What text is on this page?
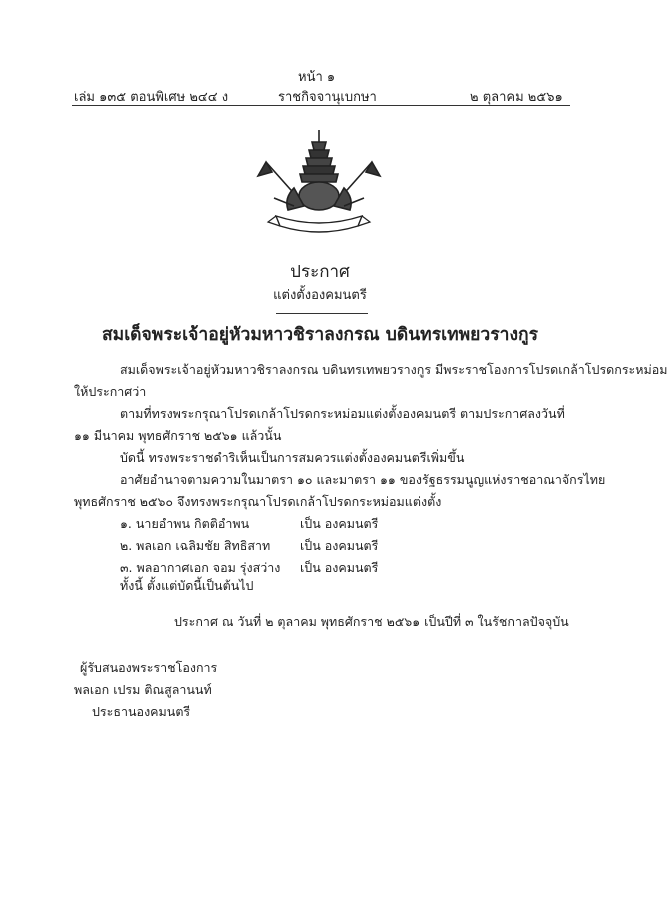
หน้า ๑
เล่ม ๑๓๕ ตอนพิเศษ ๒๔๔ ง	ราชกิจจานุเบกษา	๒ ตุลาคม ๒๕๖๑
ประกาศ
แต่งตั้งองคมนตรี
สมเด็จพระเจ้าอยู่หัวมหาวชิราลงกรณ บดินทรเทพยวรางกูร
สมเด็จพระเจ้าอยู่หัวมหาวชิราลงกรณ บดินทรเทพยวรางกูร มีพระราชโองการโปรดเกล้าโปรดกระหม่อม
ให้ประกาศว่า
ตามที่ทรงพระกรุณาโปรดเกล้าโปรดกระหม่อมแต่งตั้งองคมนตรี ตามประกาศลงวันที่
๑๑ มีนาคม พุทธศักราช ๒๕๖๑ แล้วนั้น
บัดนี้ ทรงพระราชดำริเห็นเป็นการสมควรแต่งตั้งองคมนตรีเพิ่มขึ้น
อาศัยอำนาจตามความในมาตรา ๑๐ และมาตรา ๑๑ ของรัฐธรรมนูญแห่งราชอาณาจักรไทย
พุทธศักราช ๒๕๖๐ จึงทรงพระกรุณาโปรดเกล้าโปรดกระหม่อมแต่งตั้ง
๑. นายอำพน กิตติอำพน	เป็น องคมนตรี
๒. พลเอก เฉลิมชัย สิทธิสาท เป็น องคมนตรี
๓. พลอากาศเอก จอม รุ่งสว่าง เป็น องคมนตรี
ทั้งนี้ ตั้งแต่บัดนี้เป็นต้นไป
ประกาศ ณ วันที่ ๒ ตุลาคม พุทธศักราช ๒๕๖๑ เป็นปีที่ ๓ ในรัชกาลปัจจุบัน
ผู้รับสนองพระราชโองการ
พลเอก เปรม ติณสูลานนท์
ประธานองคมนตรี
